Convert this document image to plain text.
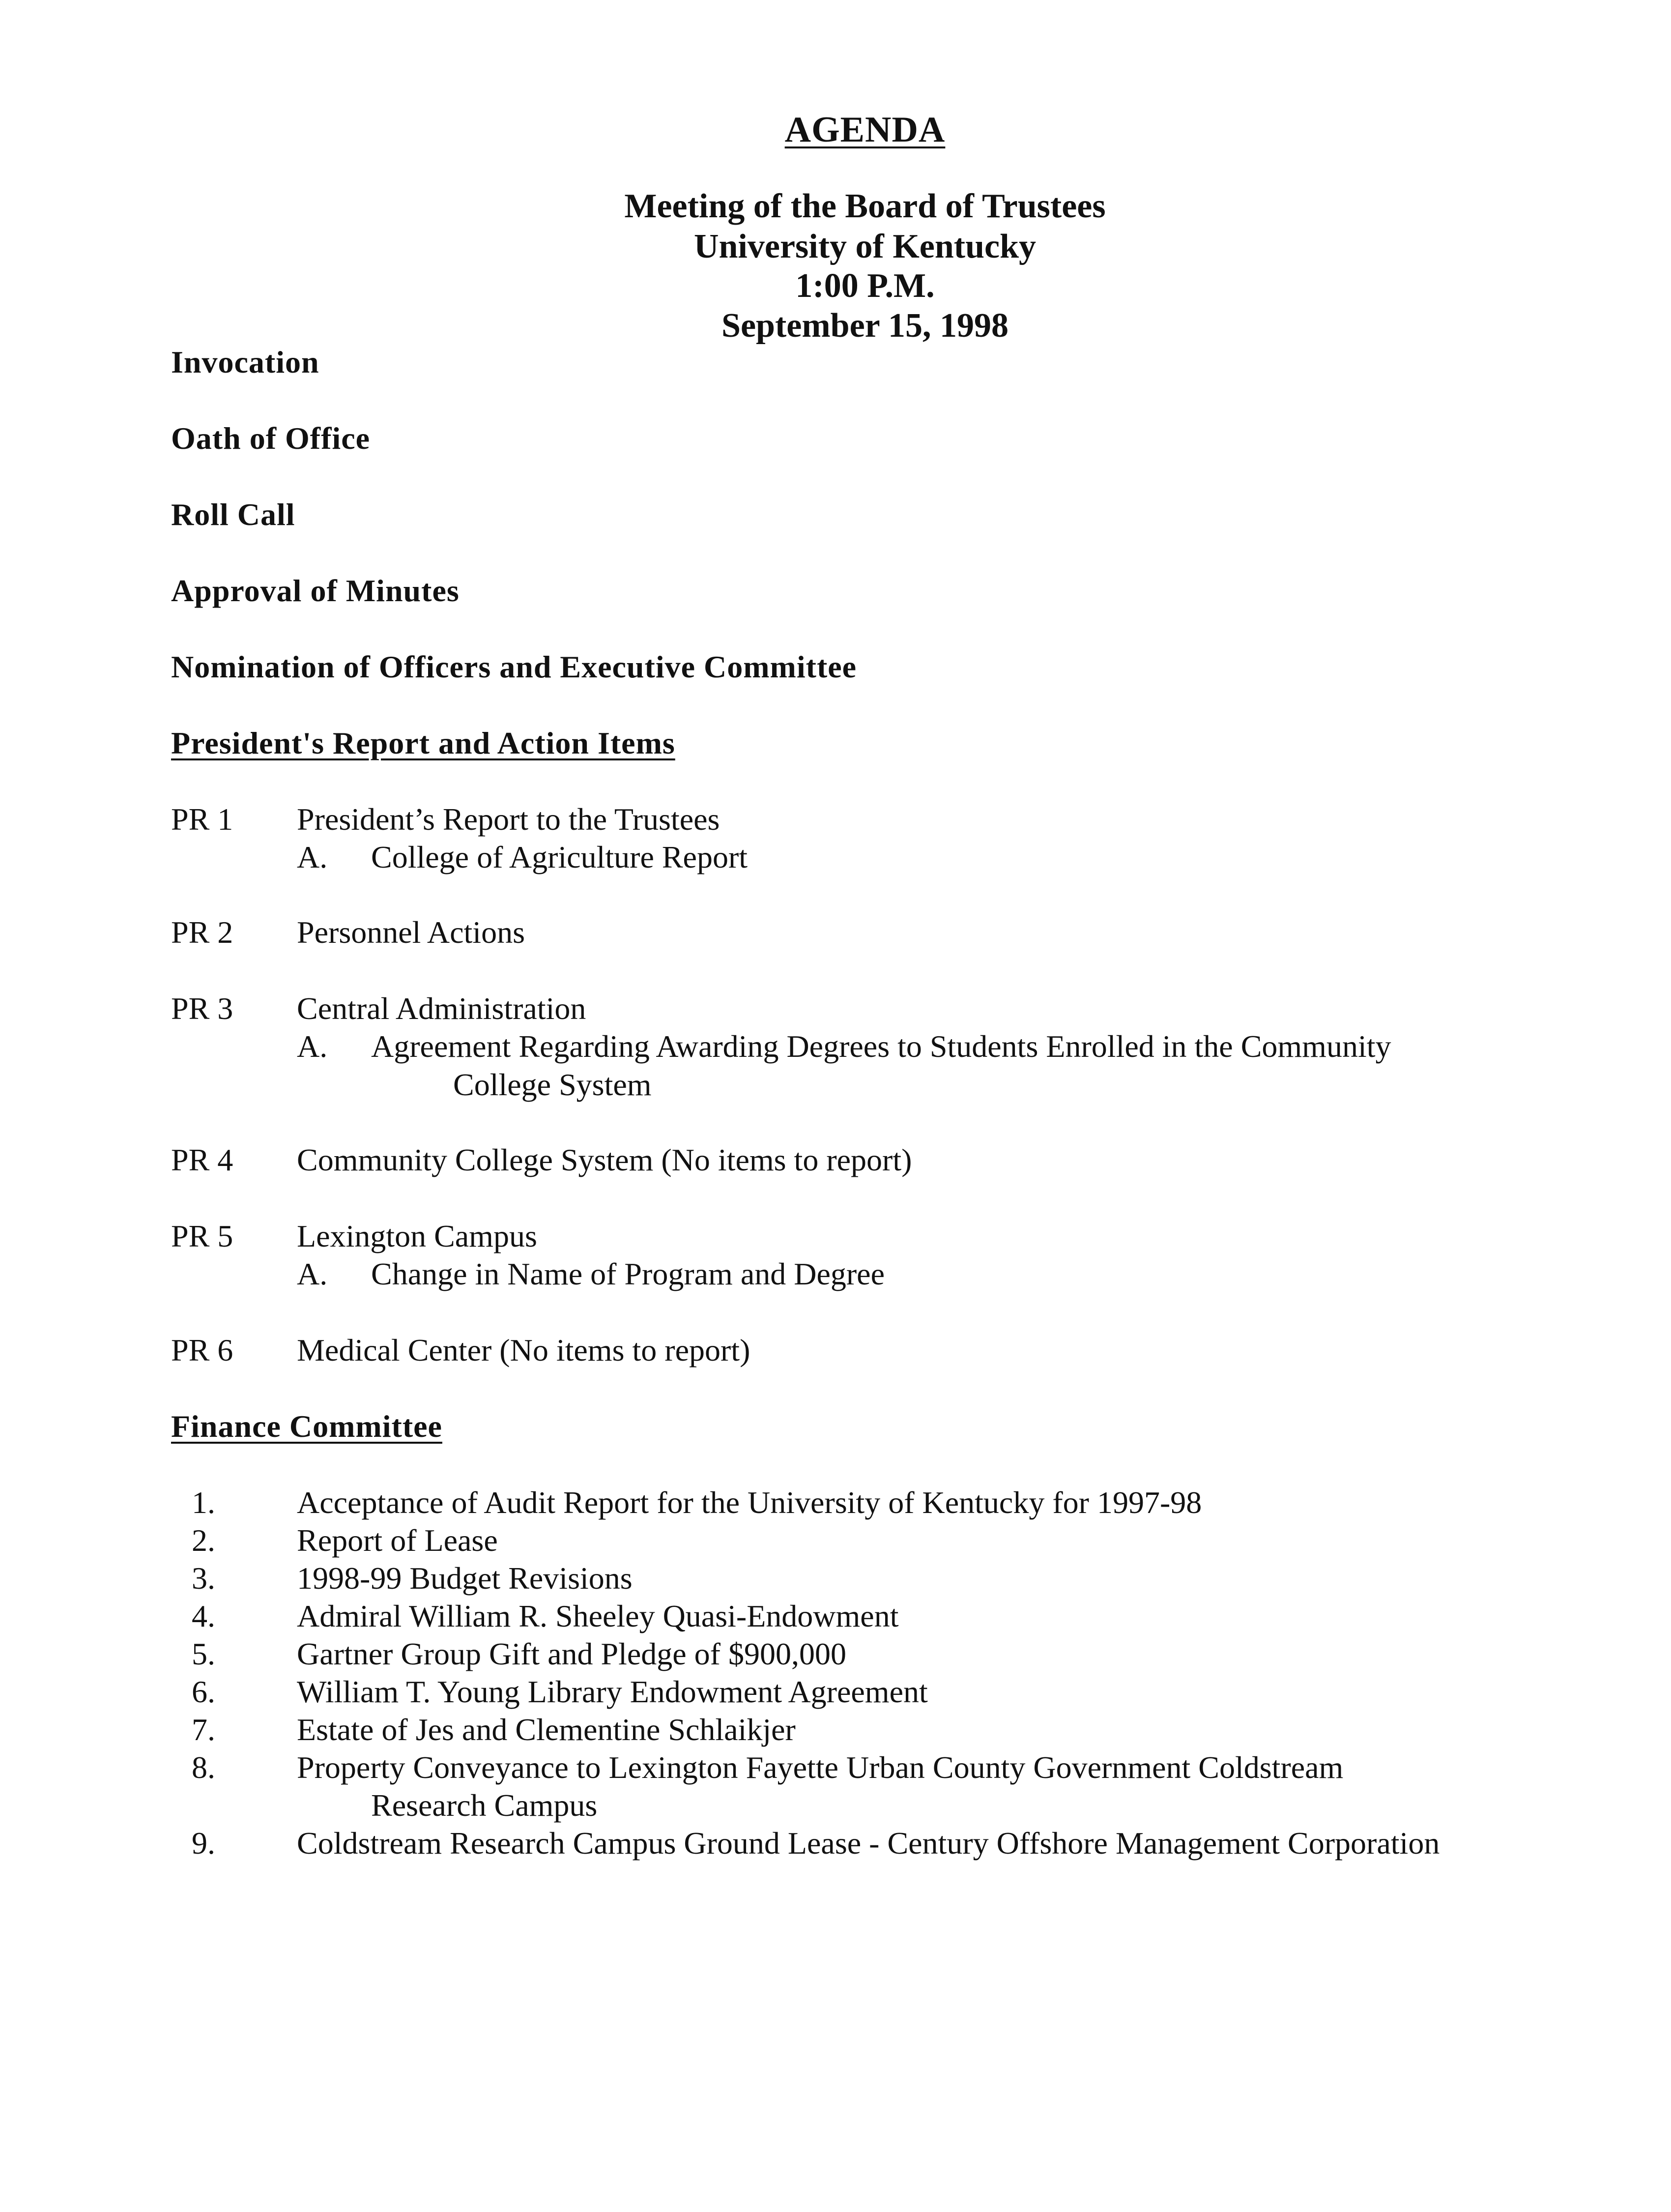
AGENDA
Meeting of the Board of Trustees
University of Kentucky
1:00 P.M.
September 15, 1998
Invocation
Oath of Office
Roll Call
Approval of Minutes
Nomination of Officers and Executive Committee
President's Report and Action Items
PR 1 President’s Report to the Trustees
A. College of Agriculture Report
PR 2 Personnel Actions
PR 3 Central Administration
A. Agreement Regarding Awarding Degrees to Students Enrolled in the Community
College System
PR 4 Community College System (No items to report)
PR 5 Lexington Campus
A. Change in Name of Program and Degree
PR 6 Medical Center (No items to report)
Finance Committee
1.	Acceptance of Audit Report for the University of Kentucky for 1997-98
2.	Report of Lease
3.	1998-99 Budget Revisions
4.	Admiral William R. Sheeley Quasi-Endowment
5.	Gartner Group Gift and Pledge of $900,000
6.	William T. Young Library Endowment Agreement
7.	Estate of Jes and Clementine Schlaikjer
8.	Property Conveyance to Lexington Fayette Urban County Government Coldstream
Research Campus
9.	Coldstream Research Campus Ground Lease - Century Offshore Management Corporation
